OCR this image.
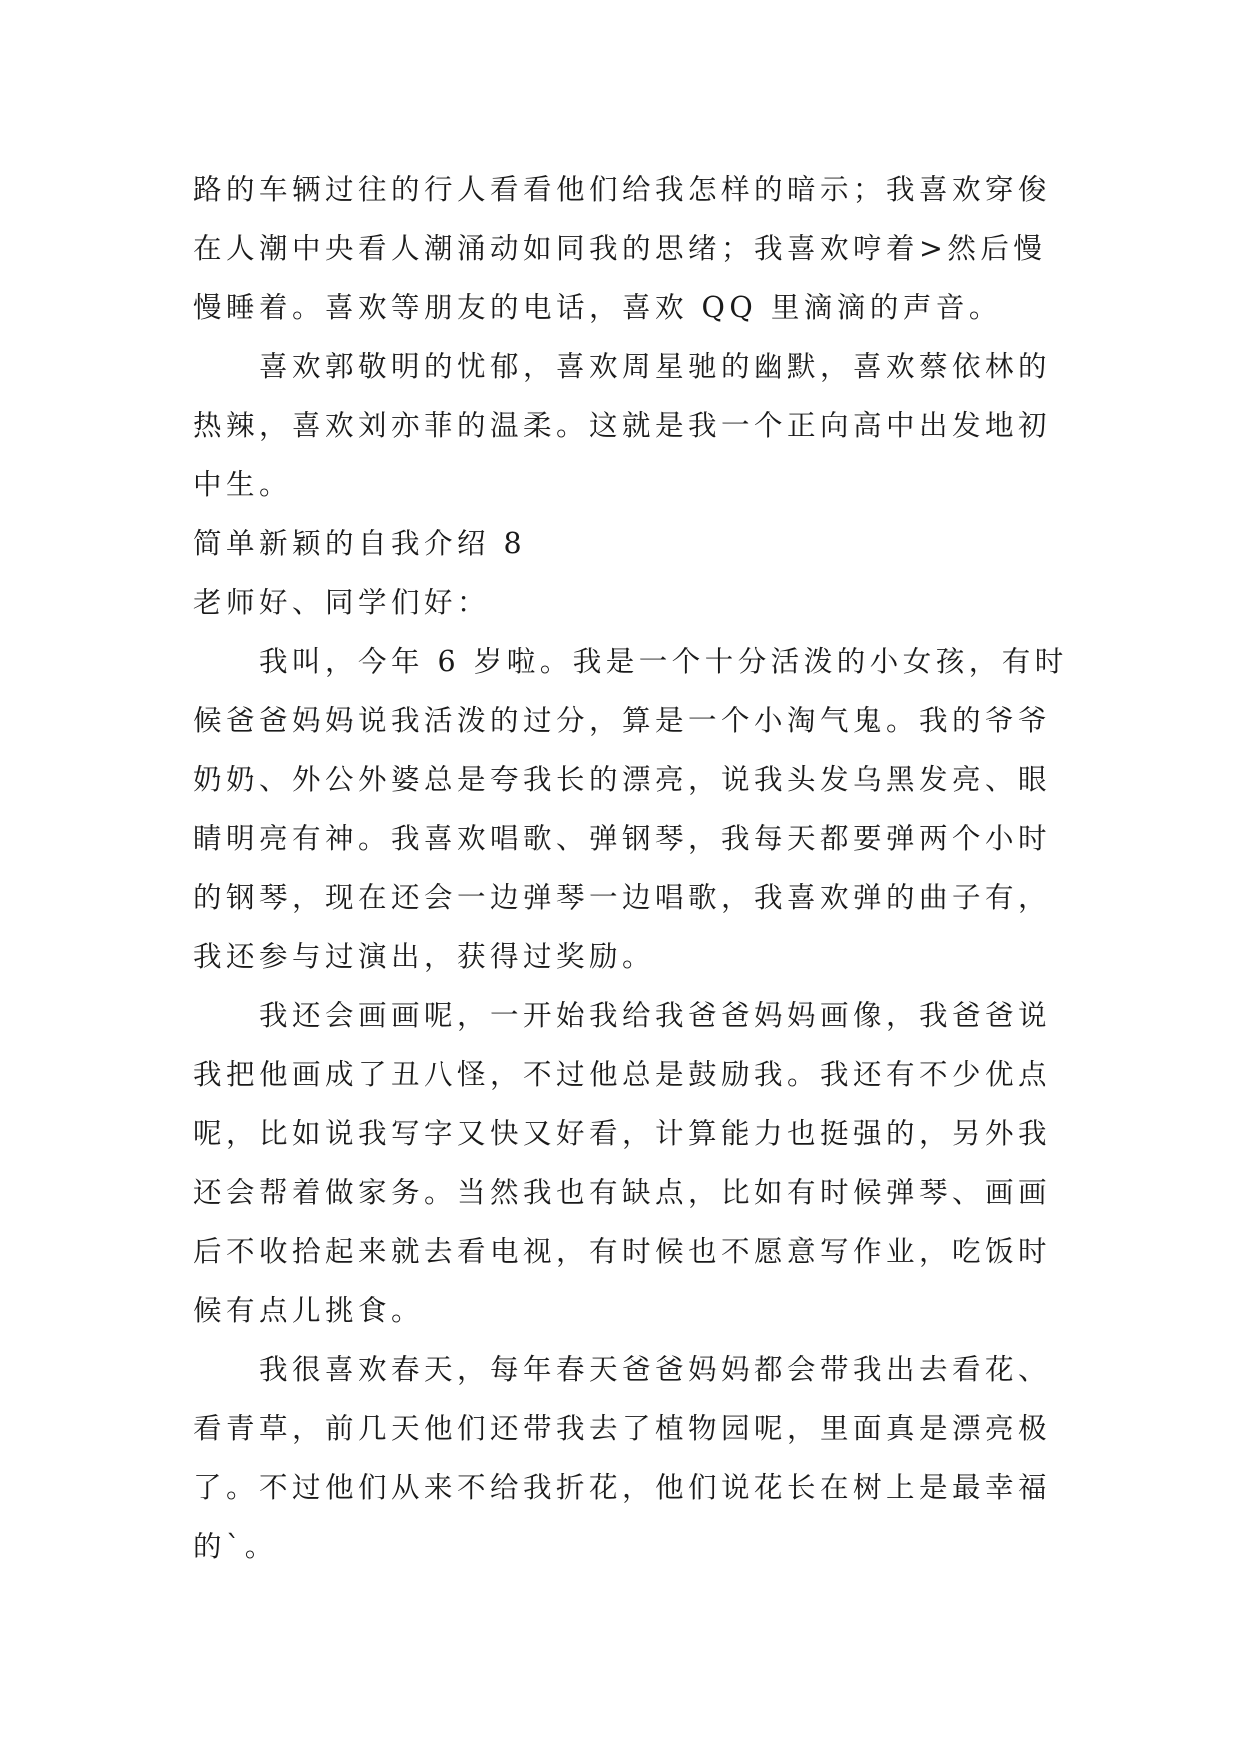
路的车辆过往的行人看看他们给我怎样的暗示；我喜欢穿俊
在人潮中央看人潮涌动如同我的思绪；我喜欢哼着>然后慢
慢睡着。喜欢等朋友的电话，喜欢 QQ 里滴滴的声音。
　　喜欢郭敬明的忧郁，喜欢周星驰的幽默，喜欢蔡依林的
热辣，喜欢刘亦菲的温柔。这就是我一个正向高中出发地初
中生。
简单新颖的自我介绍 8
老师好、同学们好：
　　我叫，今年 6 岁啦。我是一个十分活泼的小女孩，有时
候爸爸妈妈说我活泼的过分，算是一个小淘气鬼。我的爷爷
奶奶、外公外婆总是夸我长的漂亮，说我头发乌黑发亮、眼
睛明亮有神。我喜欢唱歌、弹钢琴，我每天都要弹两个小时
的钢琴，现在还会一边弹琴一边唱歌，我喜欢弹的曲子有，
我还参与过演出，获得过奖励。
　　我还会画画呢，一开始我给我爸爸妈妈画像，我爸爸说
我把他画成了丑八怪，不过他总是鼓励我。我还有不少优点
呢，比如说我写字又快又好看，计算能力也挺强的，另外我
还会帮着做家务。当然我也有缺点，比如有时候弹琴、画画
后不收拾起来就去看电视，有时候也不愿意写作业，吃饭时
候有点儿挑食。
　　我很喜欢春天，每年春天爸爸妈妈都会带我出去看花、
看青草，前几天他们还带我去了植物园呢，里面真是漂亮极
了。不过他们从来不给我折花，他们说花长在树上是最幸福
的`。
